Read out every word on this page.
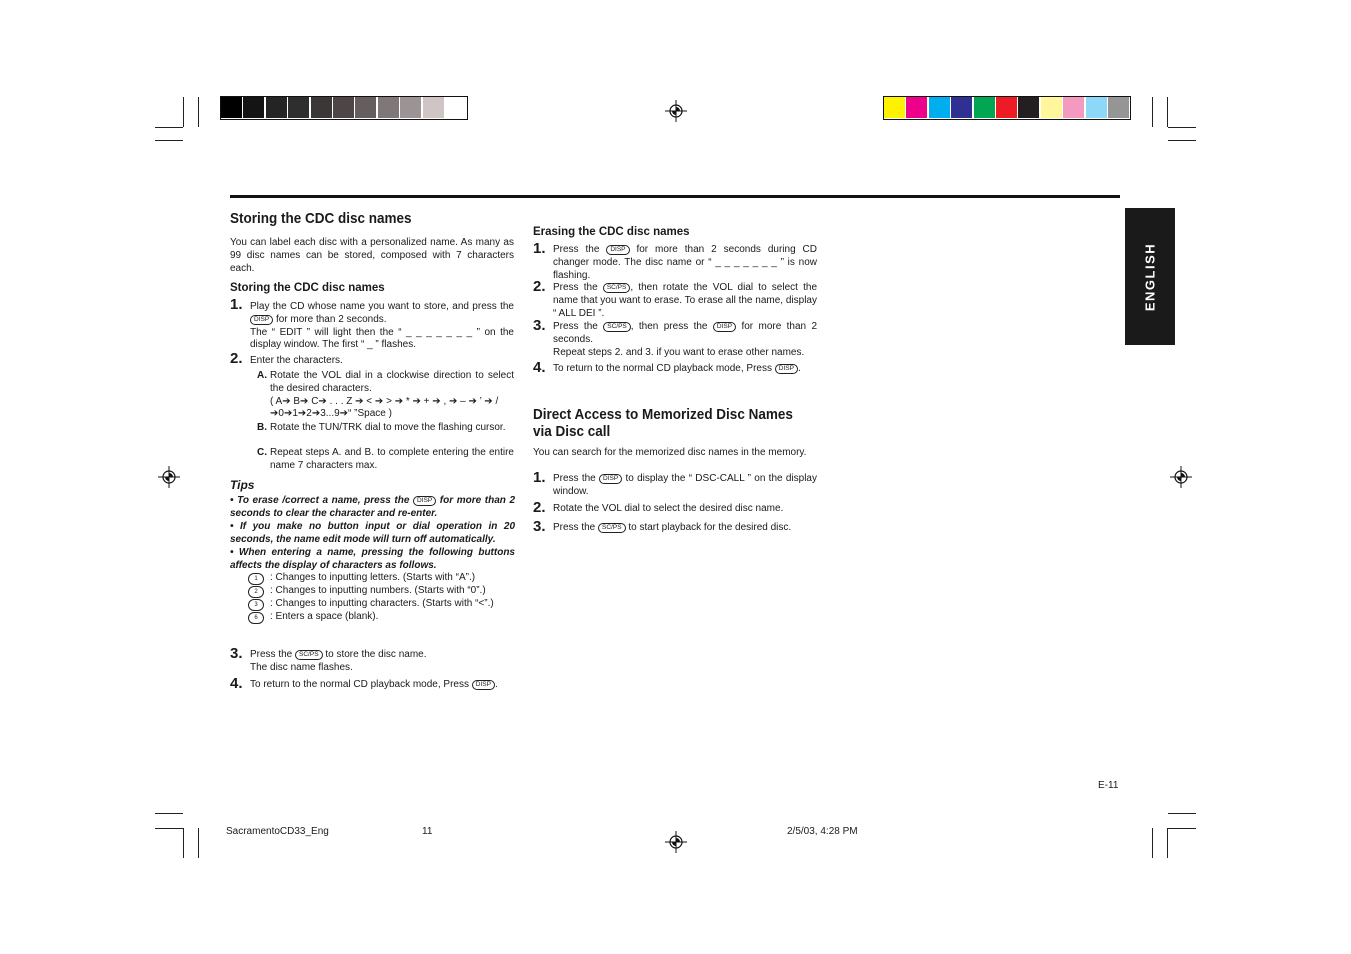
ENGLISH
Storing the CDC disc names
You can label each disc with a personalized name. As many as 99 disc names can be stored, composed with 7 characters each.
Storing the CDC disc names
1. Play the CD whose name you want to store, and press the DISP for more than 2 seconds.
The “ EDIT ” will light then the “ _ _ _ _ _ _ _ ” on the display window. The first “ _ ” flashes.
2. Enter the characters.
A. Rotate the VOL dial in a clockwise direction to select the desired characters.
( A➔ B➔ C➔ . . . Z ➔ < ➔ > ➔ * ➔ + ➔ , ➔ – ➔ ’ ➔ /
➔0➔1➔2➔3...9➔“ ”Space )
B. Rotate the TUN/TRK dial to move the flashing cursor.
C. Repeat steps A. and B. to complete entering the entire name 7 characters max.
Tips
• To erase /correct a name, press the DISP for more than 2 seconds to clear the character and re-enter.
• If you make no button input or dial operation in 20 seconds, the name edit mode will turn off automatically.
• When entering a name, pressing the following buttons affects the display of characters as follows.
1	: Changes to inputting letters. (Starts with “A”.)
2	: Changes to inputting numbers. (Starts with “0”.)
3	: Changes to inputting characters. (Starts with “<”.)
6	: Enters a space (blank).
3. Press the SC/PS to store the disc name.
The disc name flashes.
4. To return to the normal CD playback mode, Press DISP .
Erasing the CDC disc names
1. Press the DISP for more than 2 seconds during CD changer mode. The disc name or “ _ _ _ _ _ _ _ ” is now flashing.
2. Press the SC/PS , then rotate the VOL dial to select the name that you want to erase. To erase all the name, display “ ALL DEI ”.
3. Press the SC/PS , then press the DISP for more than 2 seconds.
Repeat steps 2. and 3. if you want to erase other names.
4. To return to the normal CD playback mode, Press DISP .
Direct Access to Memorized Disc Names via Disc call
You can search for the memorized disc names in the memory.
1. Press the DISP to display the “ DSC-CALL ” on the display window.
2. Rotate the VOL dial to select the desired disc name.
3. Press the SC/PS to start playback for the desired disc.
E-11
SacramentoCD33_Eng	11	2/5/03, 4:28 PM
